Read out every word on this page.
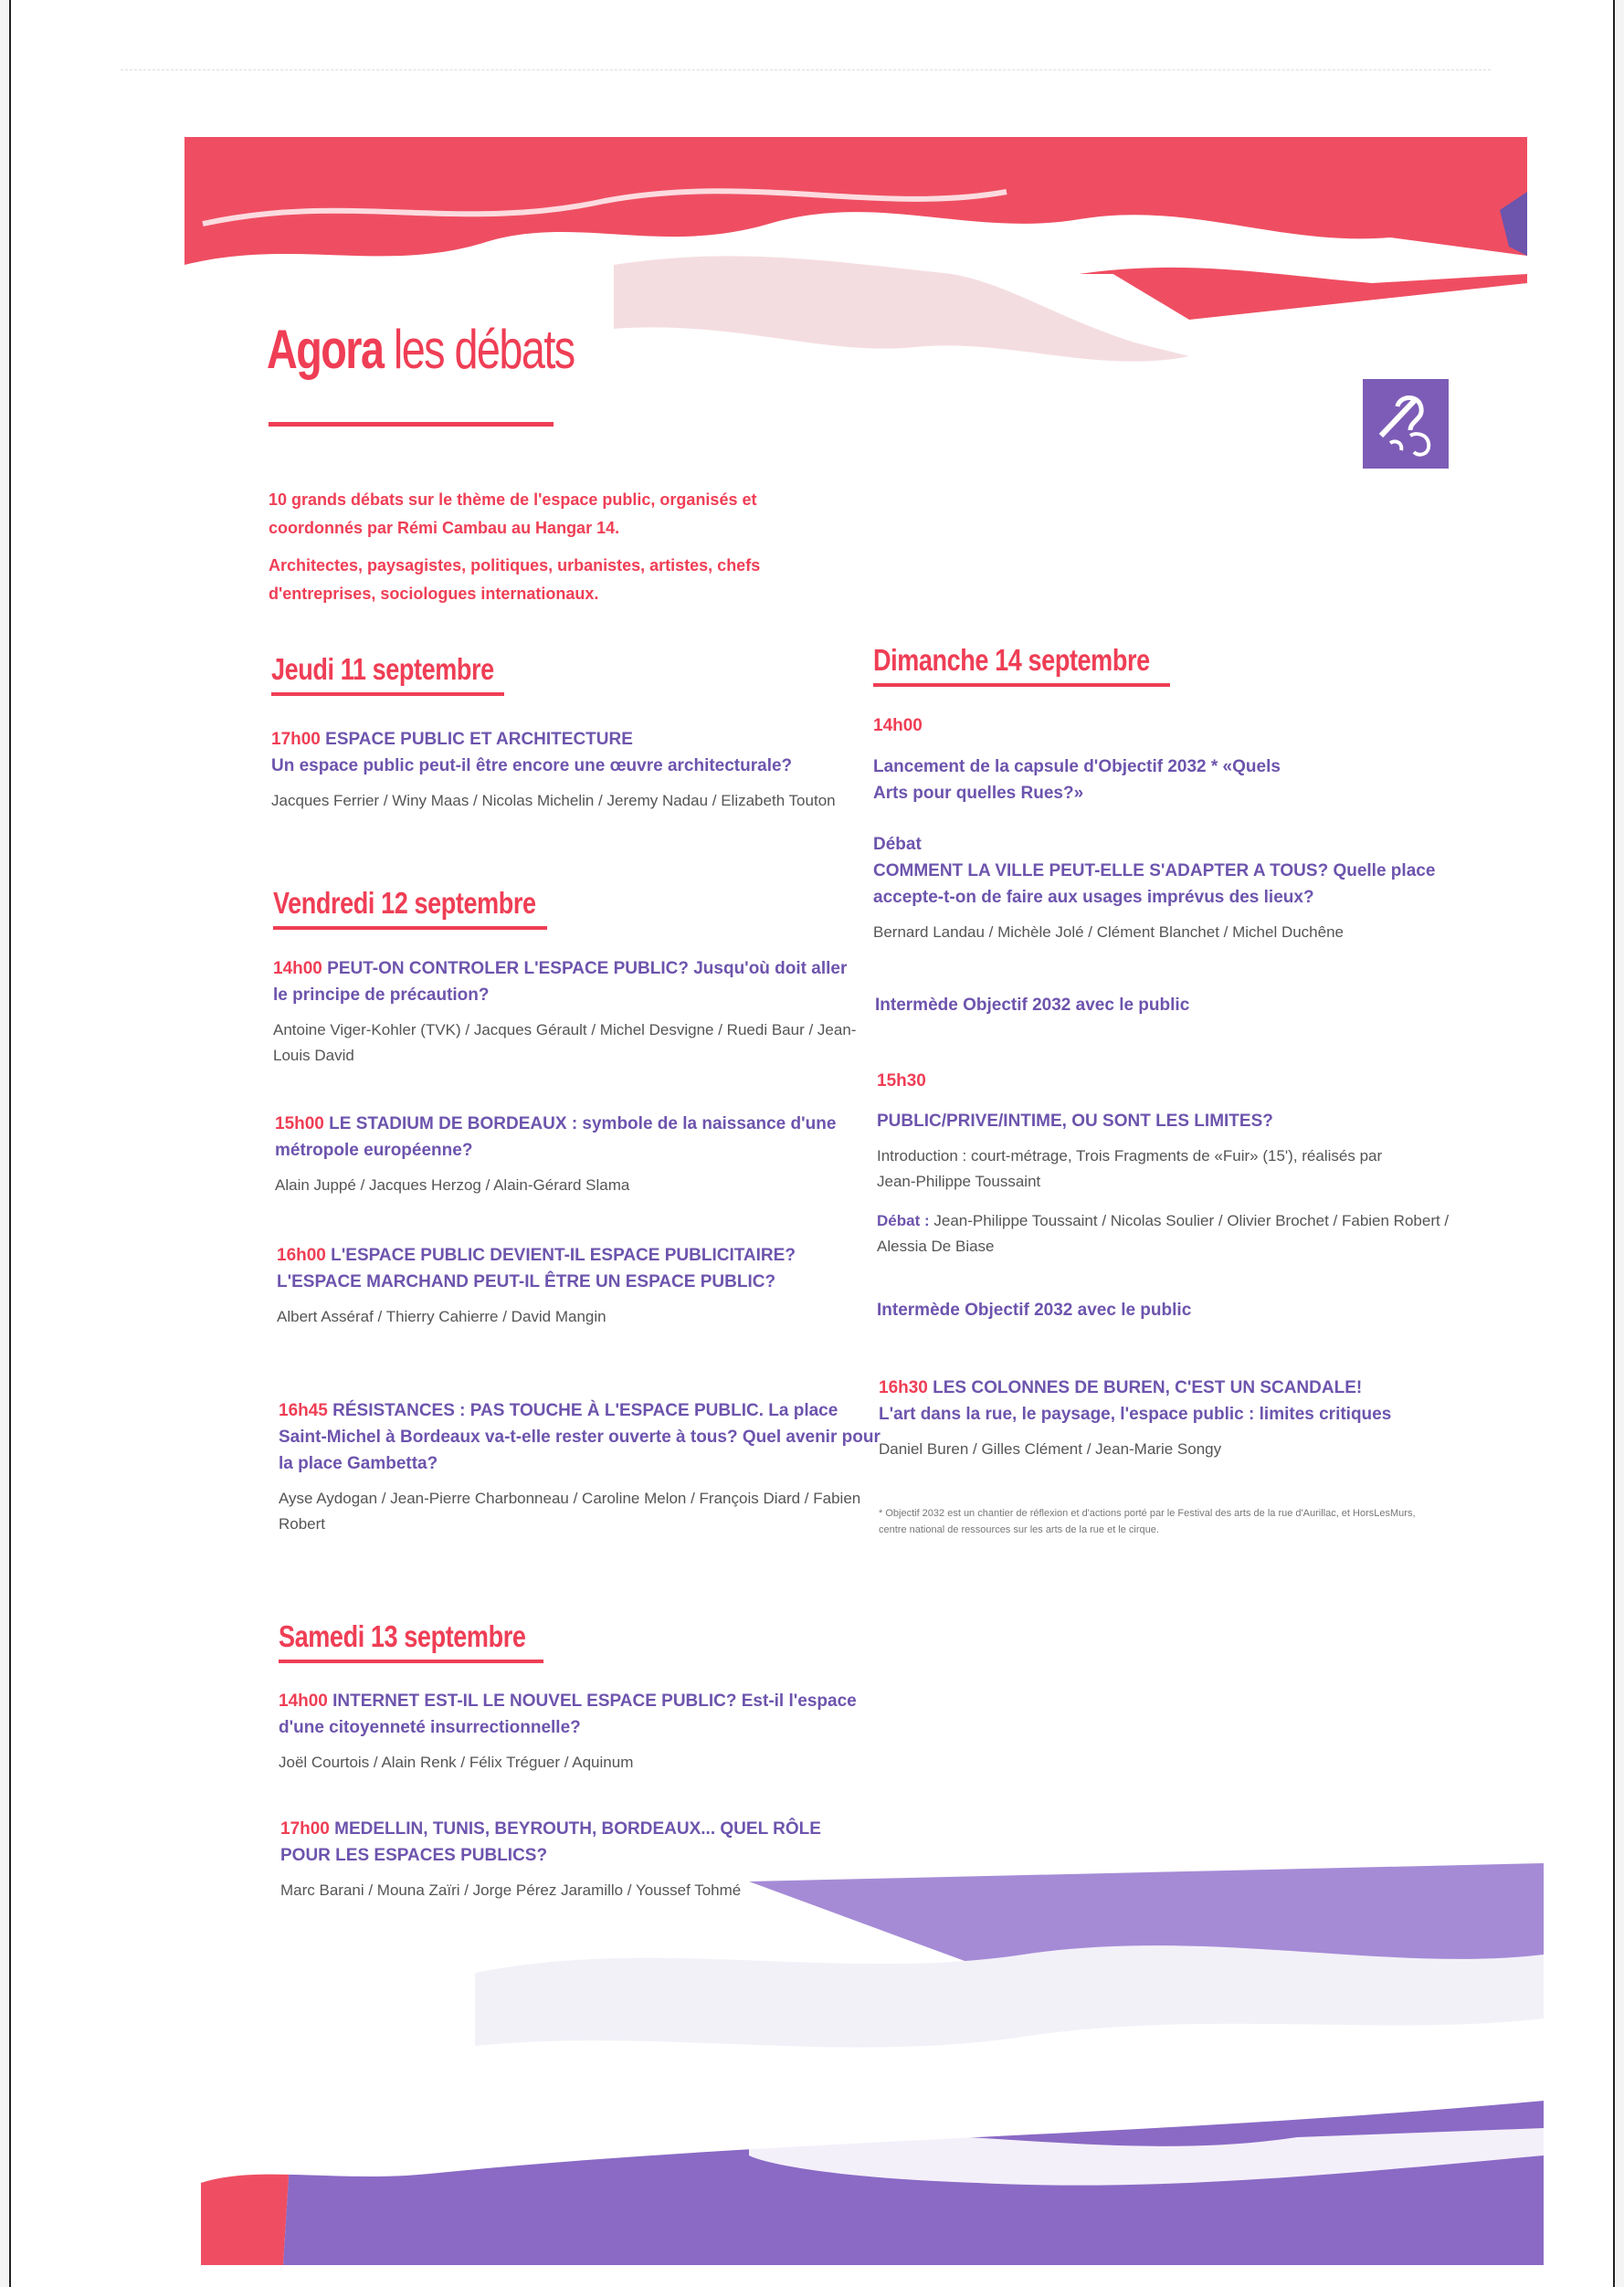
Agora les débats

10 grands débats sur le thème de l'espace public, organisés et coordonnés par Rémi Cambau au Hangar 14.

Architectes, paysagistes, politiques, urbanistes, artistes, chefs d'entreprises, sociologues internationaux.

Jeudi 11 septembre
17h00 ESPACE PUBLIC ET ARCHITECTURE
Un espace public peut-il être encore une œuvre architecturale?
Jacques Ferrier / Winy Maas / Nicolas Michelin / Jeremy Nadau / Elizabeth Touton
Vendredi 12 septembre
14h00 PEUT-ON CONTROLER L'ESPACE PUBLIC? Jusqu'où doit aller le principe de précaution?
Antoine Viger-Kohler (TVK) / Jacques Gérault / Michel Desvigne / Ruedi Baur / Jean-Louis David
15h00 LE STADIUM DE BORDEAUX : symbole de la naissance d'une métropole européenne?
Alain Juppé / Jacques Herzog / Alain-Gérard Slama
16h00 L'ESPACE PUBLIC DEVIENT-IL ESPACE PUBLICITAIRE? L'ESPACE MARCHAND PEUT-IL ÊTRE UN ESPACE PUBLIC?
Albert Asséraf / Thierry Cahierre / David Mangin
16h45 RÉSISTANCES : PAS TOUCHE À L'ESPACE PUBLIC. La place Saint-Michel à Bordeaux va-t-elle rester ouverte à tous? Quel avenir pour la place Gambetta?
Ayse Aydogan / Jean-Pierre Charbonneau / Caroline Melon / François Diard / Fabien Robert
Samedi 13 septembre
14h00 INTERNET EST-IL LE NOUVEL ESPACE PUBLIC? Est-il l'espace d'une citoyenneté insurrectionnelle?
Joël Courtois / Alain Renk / Félix Tréguer / Aquinum
17h00 MEDELLIN, TUNIS, BEYROUTH, BORDEAUX... QUEL RÔLE POUR LES ESPACES PUBLICS?
Marc Barani / Mouna Zaïri / Jorge Pérez Jaramillo / Youssef Tohmé
Dimanche 14 septembre
14h00
Lancement de la capsule d'Objectif 2032 * «Quels Arts pour quelles Rues?»
Débat
COMMENT LA VILLE PEUT-ELLE S'ADAPTER A TOUS? Quelle place accepte-t-on de faire aux usages imprévus des lieux?
Bernard Landau / Michèle Jolé / Clément Blanchet / Michel Duchêne
Intermède Objectif 2032 avec le public
15h30
PUBLIC/PRIVE/INTIME, OU SONT LES LIMITES?
Introduction : court-métrage, Trois Fragments de «Fuir» (15'), réalisés par Jean-Philippe Toussaint
Débat : Jean-Philippe Toussaint / Nicolas Soulier / Olivier Brochet / Fabien Robert / Alessia De Biase
Intermède Objectif 2032 avec le public
16h30 LES COLONNES DE BUREN, C'EST UN SCANDALE!
L'art dans la rue, le paysage, l'espace public : limites critiques
Daniel Buren / Gilles Clément / Jean-Marie Songy
* Objectif 2032 est un chantier de réflexion et d'actions porté par le Festival des arts de la rue d'Aurillac, et HorsLesMurs, centre national de ressources sur les arts de la rue et le cirque.
